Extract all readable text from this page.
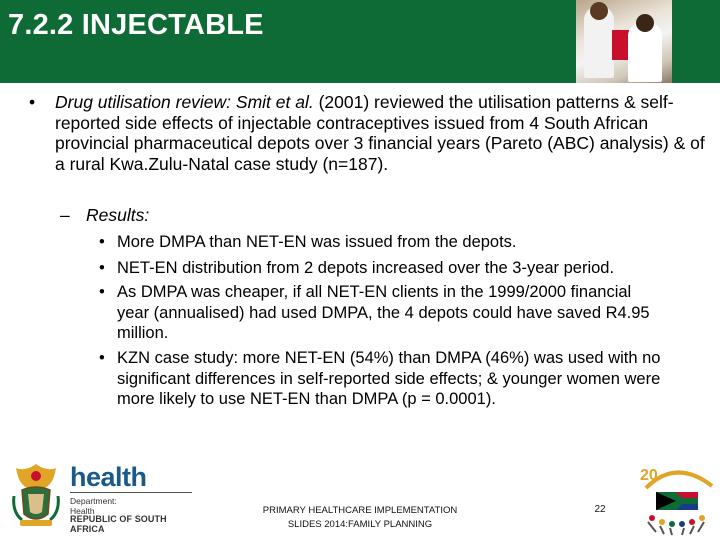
7.2.2 INJECTABLE
• Drug utilisation review: Smit et al. (2001) reviewed the utilisation patterns & self-reported side effects of injectable contraceptives issued from 4 South African provincial pharmaceutical depots over 3 financial years (Pareto (ABC) analysis) & of a rural Kwa.Zulu-Natal case study (n=187).
– Results:
• More DMPA than NET-EN was issued from the depots.
• NET-EN distribution from 2 depots increased over the 3-year period.
• As DMPA was cheaper, if all NET-EN clients in the 1999/2000 financial year (annualised) had used DMPA, the 4 depots could have saved R4.95 million.
• KZN case study: more NET-EN (54%) than DMPA (46%) was used with no significant differences in self-reported side effects; & younger women were more likely to use NET-EN than DMPA (p = 0.0001).
health
Department:
Health
REPUBLIC OF SOUTH AFRICA
PRIMARY HEALTHCARE IMPLEMENTATION
SLIDES 2014:FAMILY PLANNING
22
20
